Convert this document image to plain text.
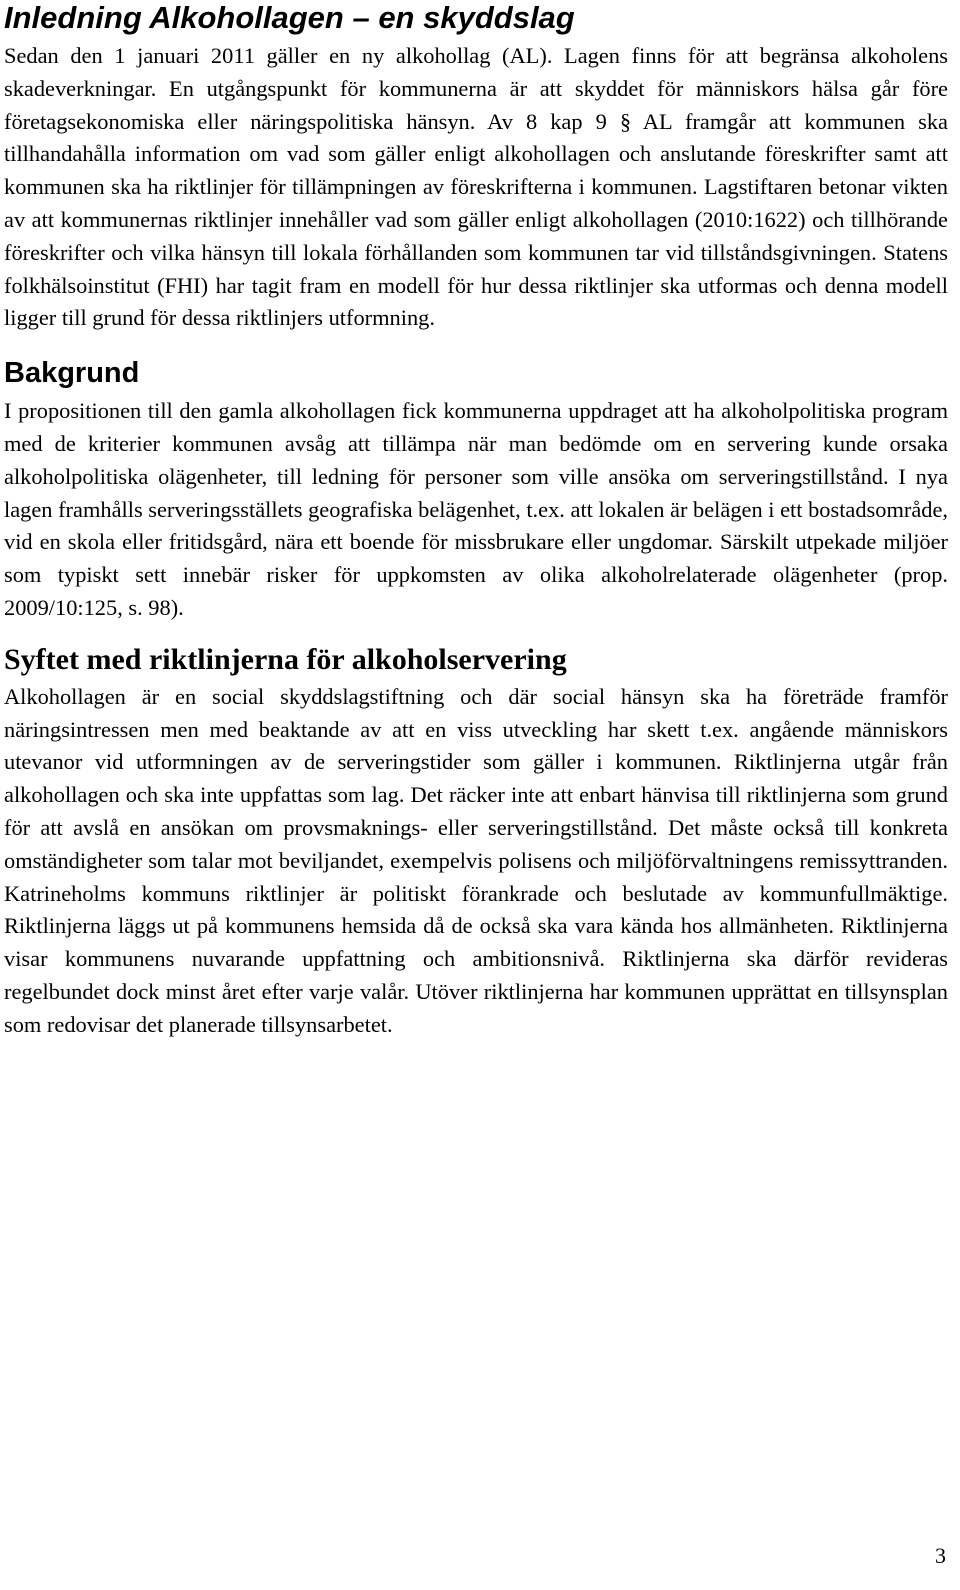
Inledning Alkohollagen – en skyddslag

Sedan den 1 januari 2011 gäller en ny alkohollag (AL). Lagen finns för att begränsa alkoholens skadeverkningar. En utgångspunkt för kommunerna är att skyddet för människors hälsa går före företagsekonomiska eller näringspolitiska hänsyn. Av 8 kap 9 § AL framgår att kommunen ska tillhandahålla information om vad som gäller enligt alkohollagen och anslutande föreskrifter samt att kommunen ska ha riktlinjer för tillämpningen av föreskrifterna i kommunen. Lagstiftaren betonar vikten av att kommunernas riktlinjer innehåller vad som gäller enligt alkohollagen (2010:1622) och tillhörande föreskrifter och vilka hänsyn till lokala förhållanden som kommunen tar vid tillståndsgivningen. Statens folkhälsoinstitut (FHI) har tagit fram en modell för hur dessa riktlinjer ska utformas och denna modell ligger till grund för dessa riktlinjers utformning.

Bakgrund

I propositionen till den gamla alkohollagen fick kommunerna uppdraget att ha alkoholpolitiska program med de kriterier kommunen avsåg att tillämpa när man bedömde om en servering kunde orsaka alkoholpolitiska olägenheter, till ledning för personer som ville ansöka om serveringstillstånd. I nya lagen framhålls serveringsställets geografiska belägenhet, t.ex. att lokalen är belägen i ett bostadsområde, vid en skola eller fritidsgård, nära ett boende för missbrukare eller ungdomar. Särskilt utpekade miljöer som typiskt sett innebär risker för uppkomsten av olika alkoholrelaterade olägenheter (prop. 2009/10:125, s. 98).

Syftet med riktlinjerna för alkoholservering

Alkohollagen är en social skyddslagstiftning och där social hänsyn ska ha företräde framför näringsintressen men med beaktande av att en viss utveckling har skett t.ex. angående människors utevanor vid utformningen av de serveringstider som gäller i kommunen. Riktlinjerna utgår från alkohollagen och ska inte uppfattas som lag. Det räcker inte att enbart hänvisa till riktlinjerna som grund för att avslå en ansökan om provsmaknings- eller serveringstillstånd. Det måste också till konkreta omständigheter som talar mot beviljandet, exempelvis polisens och miljöförvaltningens remissyttranden. Katrineholms kommuns riktlinjer är politiskt förankrade och beslutade av kommunfullmäktige. Riktlinjerna läggs ut på kommunens hemsida då de också ska vara kända hos allmänheten. Riktlinjerna visar kommunens nuvarande uppfattning och ambitionsnivå. Riktlinjerna ska därför revideras regelbundet dock minst året efter varje valår. Utöver riktlinjerna har kommunen upprättat en tillsynsplan som redovisar det planerade tillsynsarbetet.

3
